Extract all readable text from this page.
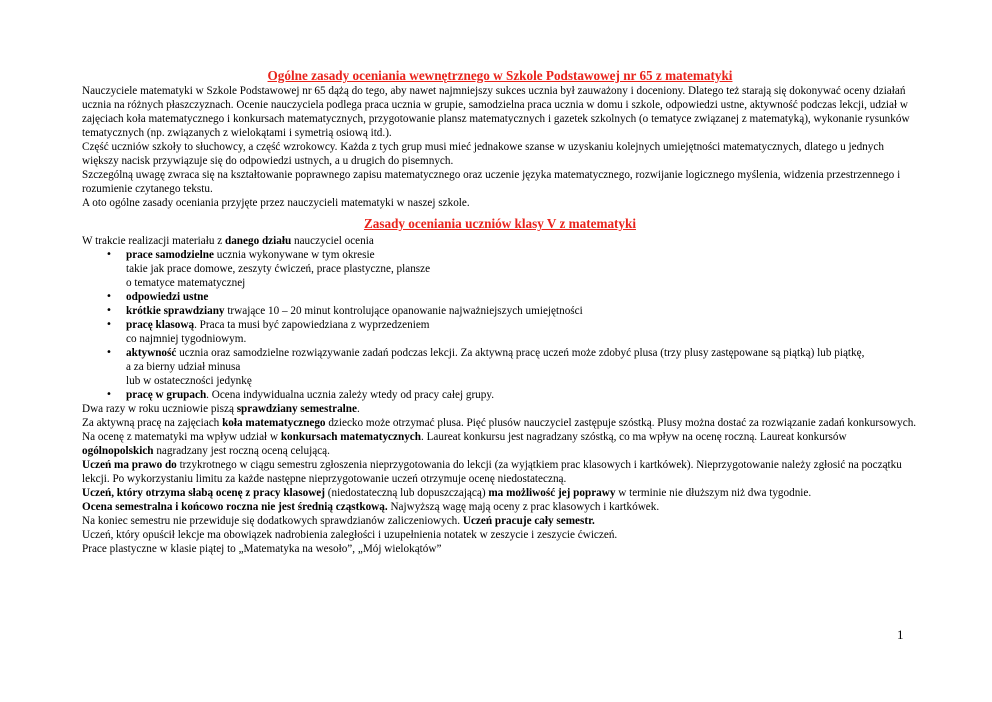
Ogólne zasady oceniania wewnętrznego w Szkole Podstawowej nr 65 z matematyki

Nauczyciele matematyki w Szkole Podstawowej nr 65 dążą do tego, aby nawet najmniejszy sukces ucznia był zauważony i doceniony. Dlatego też starają się dokonywać oceny działań ucznia na różnych płaszczyznach. Ocenie nauczyciela podlega praca ucznia w grupie, samodzielna praca ucznia w domu i szkole, odpowiedzi ustne, aktywność podczas lekcji, udział w zajęciach koła matematycznego i konkursach matematycznych, przygotowanie plansz matematycznych i gazetek szkolnych (o tematyce związanej z matematyką), wykonanie rysunków tematycznych (np. związanych z wielokątami i symetrią osiową itd.).

Część uczniów szkoły to słuchowcy, a część wzrokowcy. Każda z tych grup musi mieć jednakowe szanse w uzyskaniu kolejnych umiejętności matematycznych, dlatego u jednych większy nacisk przywiązuje się do odpowiedzi ustnych, a u drugich do pisemnych.

Szczególną uwagę zwraca się na kształtowanie poprawnego zapisu matematycznego oraz uczenie języka matematycznego, rozwijanie logicznego myślenia, widzenia przestrzennego i rozumienie czytanego tekstu.

A oto ogólne zasady oceniania przyjęte przez nauczycieli matematyki w naszej szkole.

Zasady oceniania uczniów klasy V z matematyki

W trakcie realizacji materiału z danego działu nauczyciel ocenia

• prace samodzielne ucznia wykonywane w tym okresie
takie jak prace domowe, zeszyty ćwiczeń, prace plastyczne, plansze
o tematyce matematycznej
• odpowiedzi ustne
• krótkie sprawdziany trwające 10 – 20 minut kontrolujące opanowanie najważniejszych umiejętności
• pracę klasową. Praca ta musi być zapowiedziana z wyprzedzeniem
co najmniej tygodniowym.
• aktywność ucznia oraz samodzielne rozwiązywanie zadań podczas lekcji. Za aktywną pracę uczeń może zdobyć plusa (trzy plusy zastępowane są piątką) lub piątkę,
a za bierny udział minusa
lub w ostateczności jedynkę
• pracę w grupach. Ocena indywidualna ucznia zależy wtedy od pracy całej grupy.

Dwa razy w roku uczniowie piszą sprawdziany semestralne.

Za aktywną pracę na zajęciach koła matematycznego dziecko może otrzymać plusa. Pięć plusów nauczyciel zastępuje szóstką. Plusy można dostać za rozwiązanie zadań konkursowych.

Na ocenę z matematyki ma wpływ udział w konkursach matematycznych. Laureat konkursu jest nagradzany szóstką, co ma wpływ na ocenę roczną. Laureat konkursów ogólnopolskich nagradzany jest roczną oceną celującą.

Uczeń ma prawo do trzykrotnego w ciągu semestru zgłoszenia nieprzygotowania do lekcji (za wyjątkiem prac klasowych i kartkówek). Nieprzygotowanie należy zgłosić na początku lekcji. Po wykorzystaniu limitu za każde następne nieprzygotowanie uczeń otrzymuje ocenę niedostateczną.

Uczeń, który otrzyma słabą ocenę z pracy klasowej (niedostateczną lub dopuszczającą) ma możliwość jej poprawy w terminie nie dłuższym niż dwa tygodnie.

Ocena semestralna i końcowo roczna nie jest średnią cząstkową. Najwyższą wagę mają oceny z prac klasowych i kartkówek.

Na koniec semestru nie przewiduje się dodatkowych sprawdzianów zaliczeniowych. Uczeń pracuje cały semestr.

Uczeń, który opuścił lekcje ma obowiązek nadrobienia zaległości i uzupełnienia notatek w zeszycie i zeszycie ćwiczeń.

Prace plastyczne w klasie piątej to „Matematyka na wesoło”, „Mój wielokątów”

1
